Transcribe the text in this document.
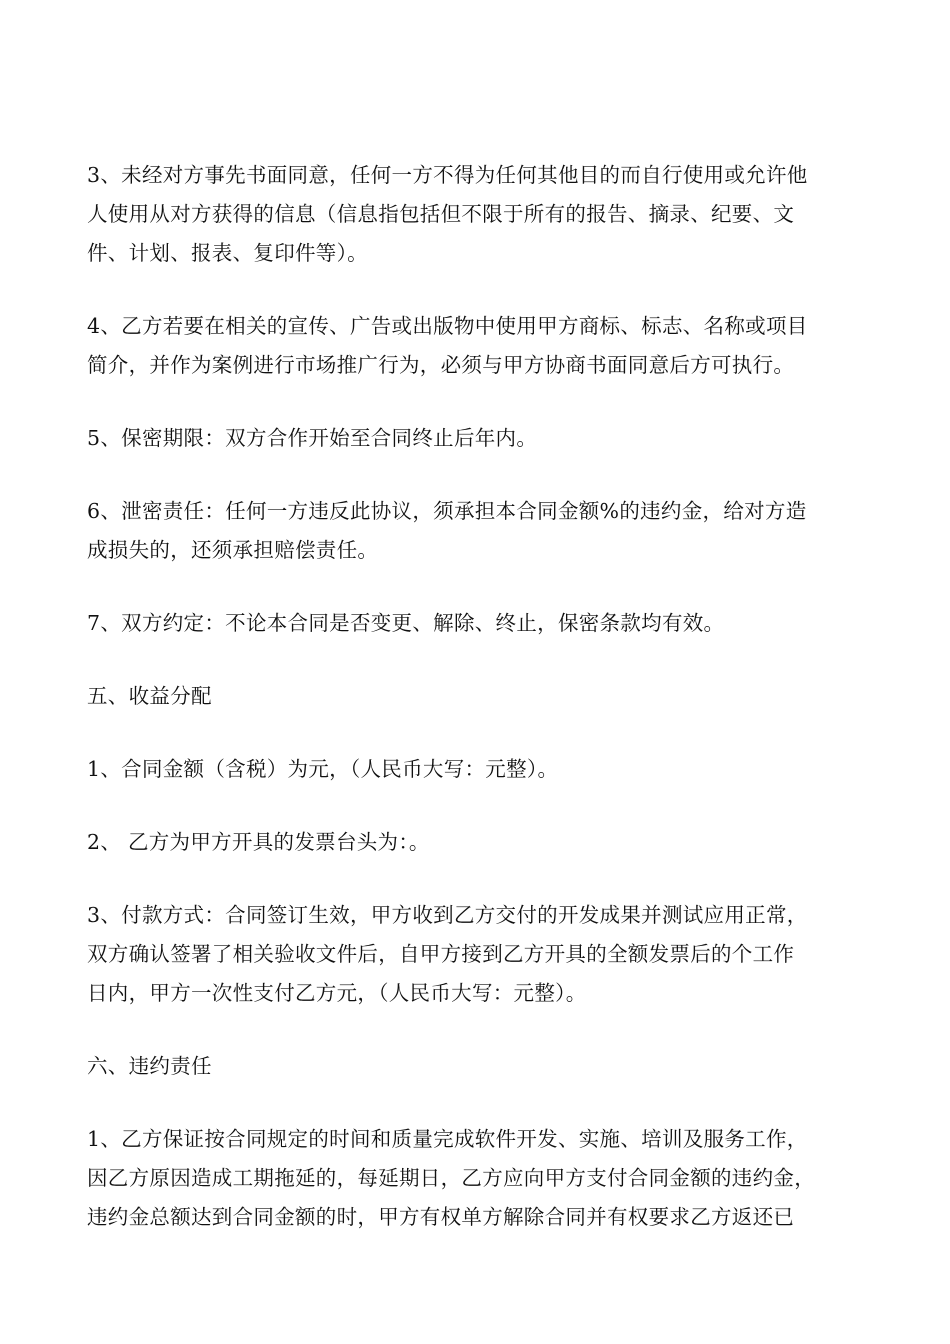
3、未经对方事先书面同意，任何一方不得为任何其他目的而自行使用或允许他
人使用从对方获得的信息（信息指包括但不限于所有的报告、摘录、纪要、文
件、计划、报表、复印件等）。

4、乙方若要在相关的宣传、广告或出版物中使用甲方商标、标志、名称或项目
简介，并作为案例进行市场推广行为，必须与甲方协商书面同意后方可执行。

5、保密期限：双方合作开始至合同终止后年内。

6、泄密责任：任何一方违反此协议，须承担本合同金额%的违约金，给对方造
成损失的，还须承担赔偿责任。

7、双方约定：不论本合同是否变更、解除、终止，保密条款均有效。

五、收益分配

1、合同金额（含税）为元，（人民币大写：元整）。

2、 乙方为甲方开具的发票台头为：。

3、付款方式：合同签订生效，甲方收到乙方交付的开发成果并测试应用正常，
双方确认签署了相关验收文件后，自甲方接到乙方开具的全额发票后的个工作
日内，甲方一次性支付乙方元，（人民币大写：元整）。

六、违约责任

1、乙方保证按合同规定的时间和质量完成软件开发、实施、培训及服务工作，
因乙方原因造成工期拖延的，每延期日，乙方应向甲方支付合同金额的违约金，
违约金总额达到合同金额的时，甲方有权单方解除合同并有权要求乙方返还已
